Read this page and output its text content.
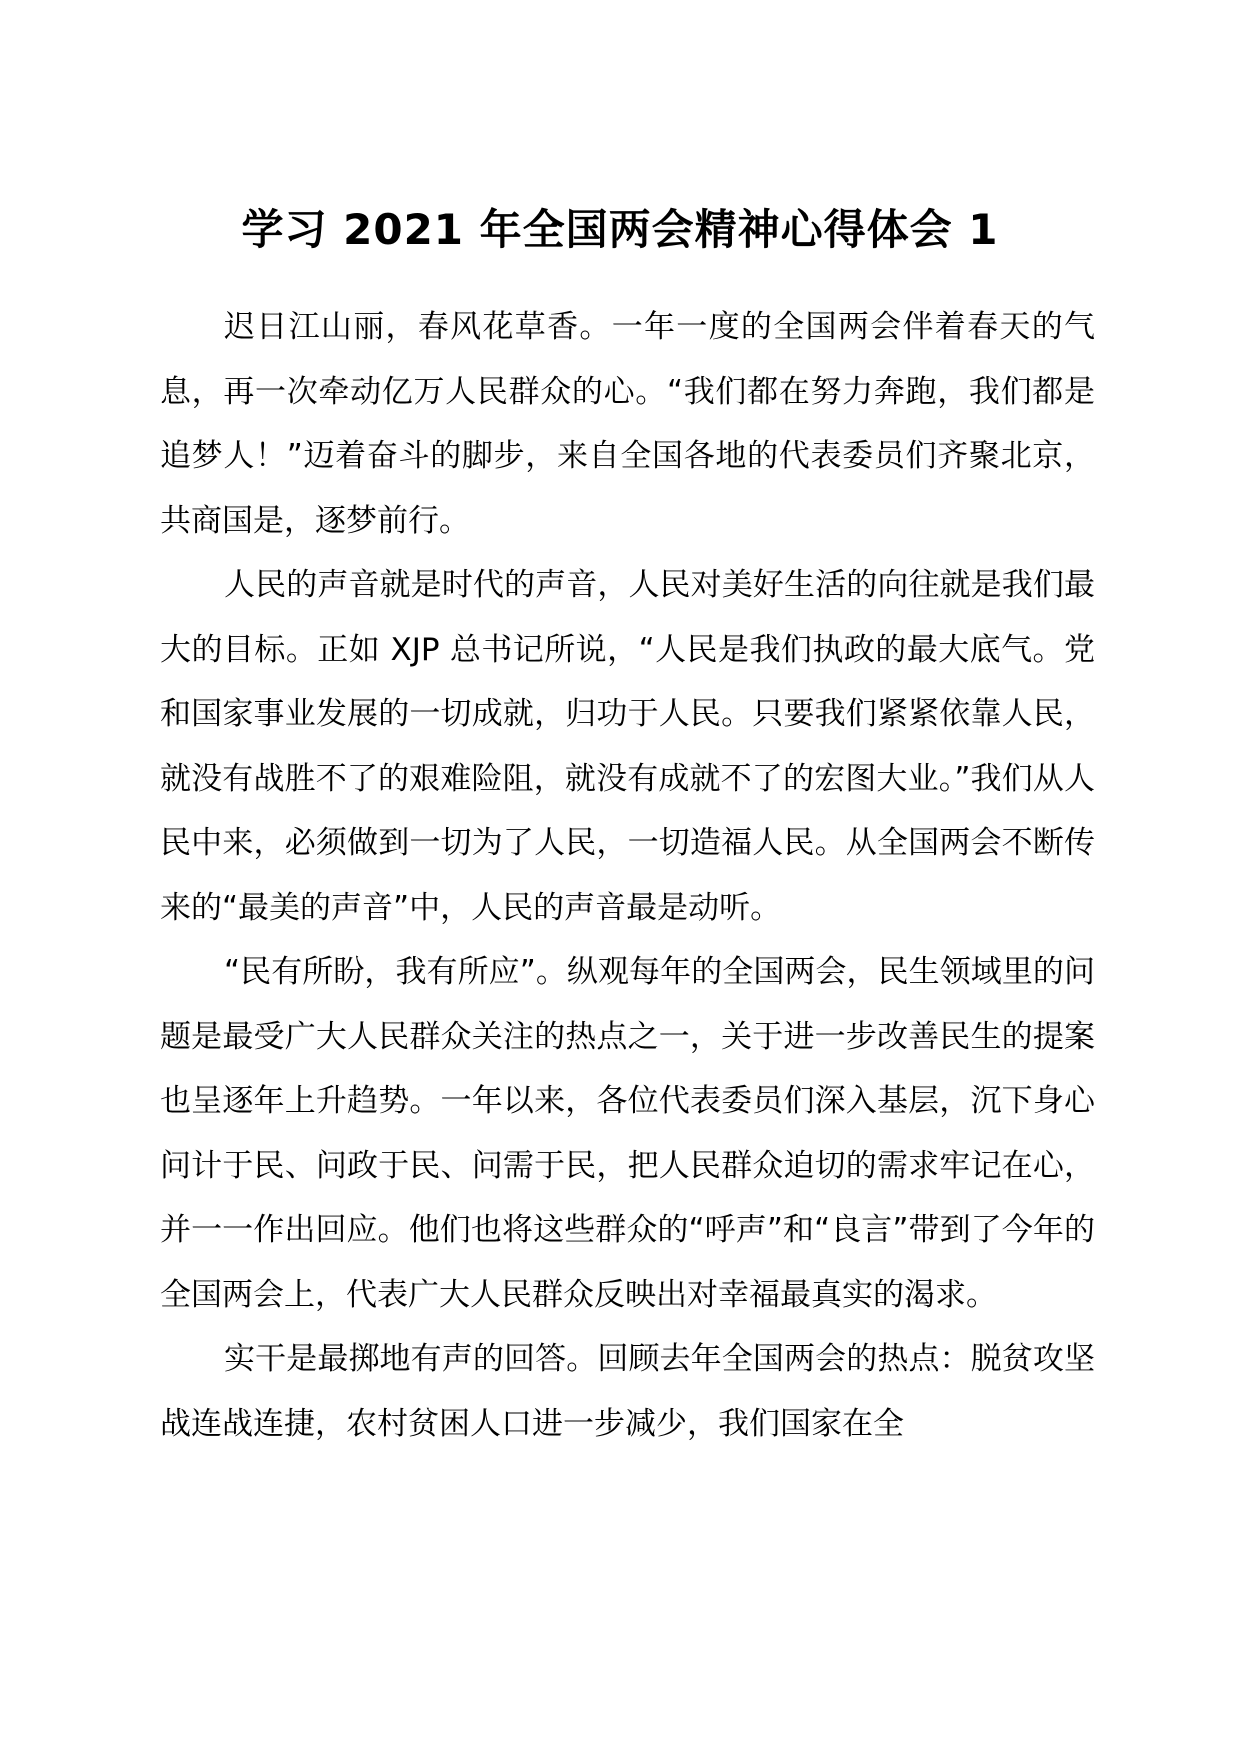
学习 2021 年全国两会精神心得体会 1

迟日江山丽，春风花草香。一年一度的全国两会伴着春天的气息，再一次牵动亿万人民群众的心。“我们都在努力奔跑，我们都是追梦人！”迈着奋斗的脚步，来自全国各地的代表委员们齐聚北京，共商国是，逐梦前行。

人民的声音就是时代的声音，人民对美好生活的向往就是我们最大的目标。正如 XJP 总书记所说，“人民是我们执政的最大底气。党和国家事业发展的一切成就，归功于人民。只要我们紧紧依靠人民，就没有战胜不了的艰难险阻，就没有成就不了的宏图大业。”我们从人民中来，必须做到一切为了人民，一切造福人民。从全国两会不断传来的“最美的声音”中，人民的声音最是动听。

“民有所盼，我有所应”。纵观每年的全国两会，民生领域里的问题是最受广大人民群众关注的热点之一，关于进一步改善民生的提案也呈逐年上升趋势。一年以来，各位代表委员们深入基层，沉下身心问计于民、问政于民、问需于民，把人民群众迫切的需求牢记在心，并一一作出回应。他们也将这些群众的“呼声”和“良言”带到了今年的全国两会上，代表广大人民群众反映出对幸福最真实的渴求。

实干是最掷地有声的回答。回顾去年全国两会的热点：脱贫攻坚战连战连捷，农村贫困人口进一步减少，我们国家在全
